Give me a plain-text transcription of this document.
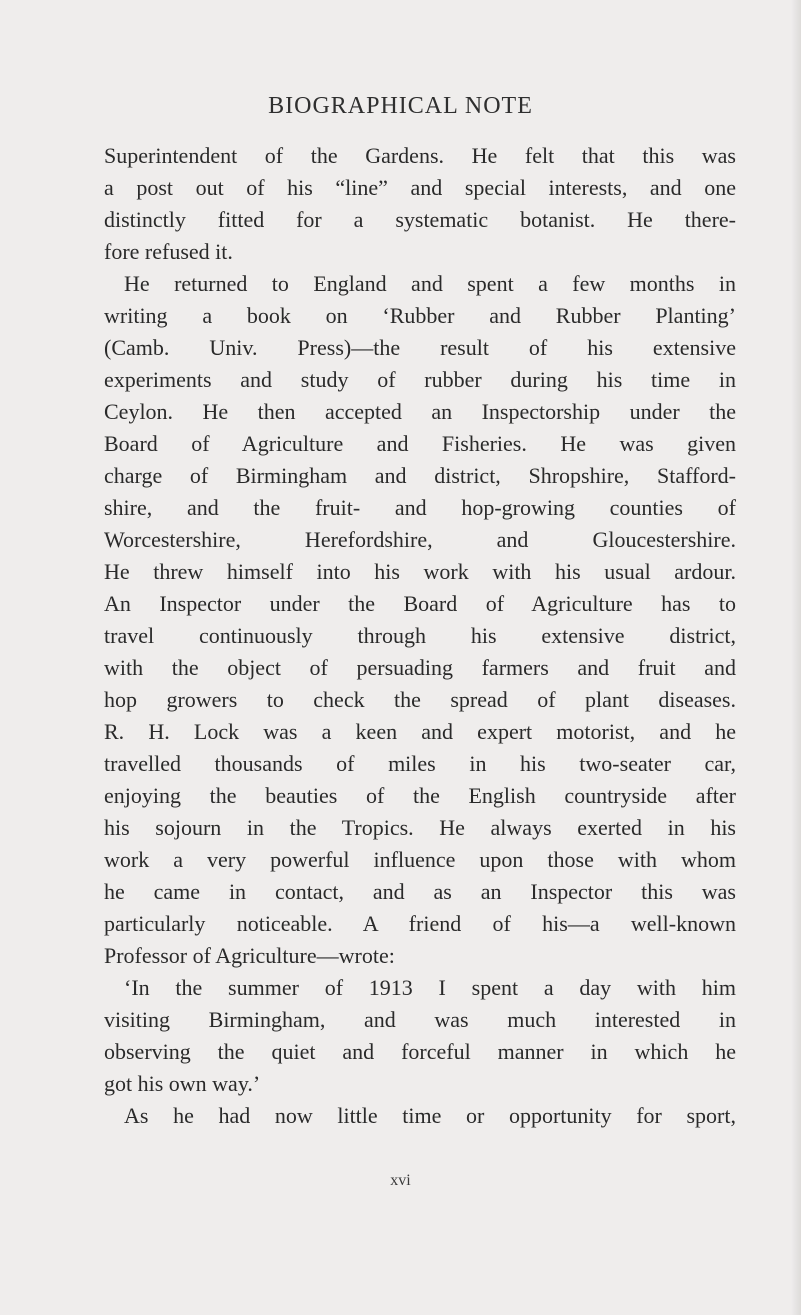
BIOGRAPHICAL NOTE
Superintendent of the Gardens. He felt that this was
a post out of his “line” and special interests, and one
distinctly fitted for a systematic botanist. He there-
fore refused it.
He returned to England and spent a few months in
writing a book on ‘Rubber and Rubber Planting’
(Camb. Univ. Press)—the result of his extensive
experiments and study of rubber during his time in
Ceylon. He then accepted an Inspectorship under the
Board of Agriculture and Fisheries. He was given
charge of Birmingham and district, Shropshire, Stafford-
shire, and the fruit- and hop-growing counties of
Worcestershire, Herefordshire, and Gloucestershire.
He threw himself into his work with his usual ardour.
An Inspector under the Board of Agriculture has to
travel continuously through his extensive district,
with the object of persuading farmers and fruit and
hop growers to check the spread of plant diseases.
R. H. Lock was a keen and expert motorist, and he
travelled thousands of miles in his two-seater car,
enjoying the beauties of the English countryside after
his sojourn in the Tropics. He always exerted in his
work a very powerful influence upon those with whom
he came in contact, and as an Inspector this was
particularly noticeable. A friend of his—a well-known
Professor of Agriculture—wrote:
‘In the summer of 1913 I spent a day with him
visiting Birmingham, and was much interested in
observing the quiet and forceful manner in which he
got his own way.’
As he had now little time or opportunity for sport,
xvi
